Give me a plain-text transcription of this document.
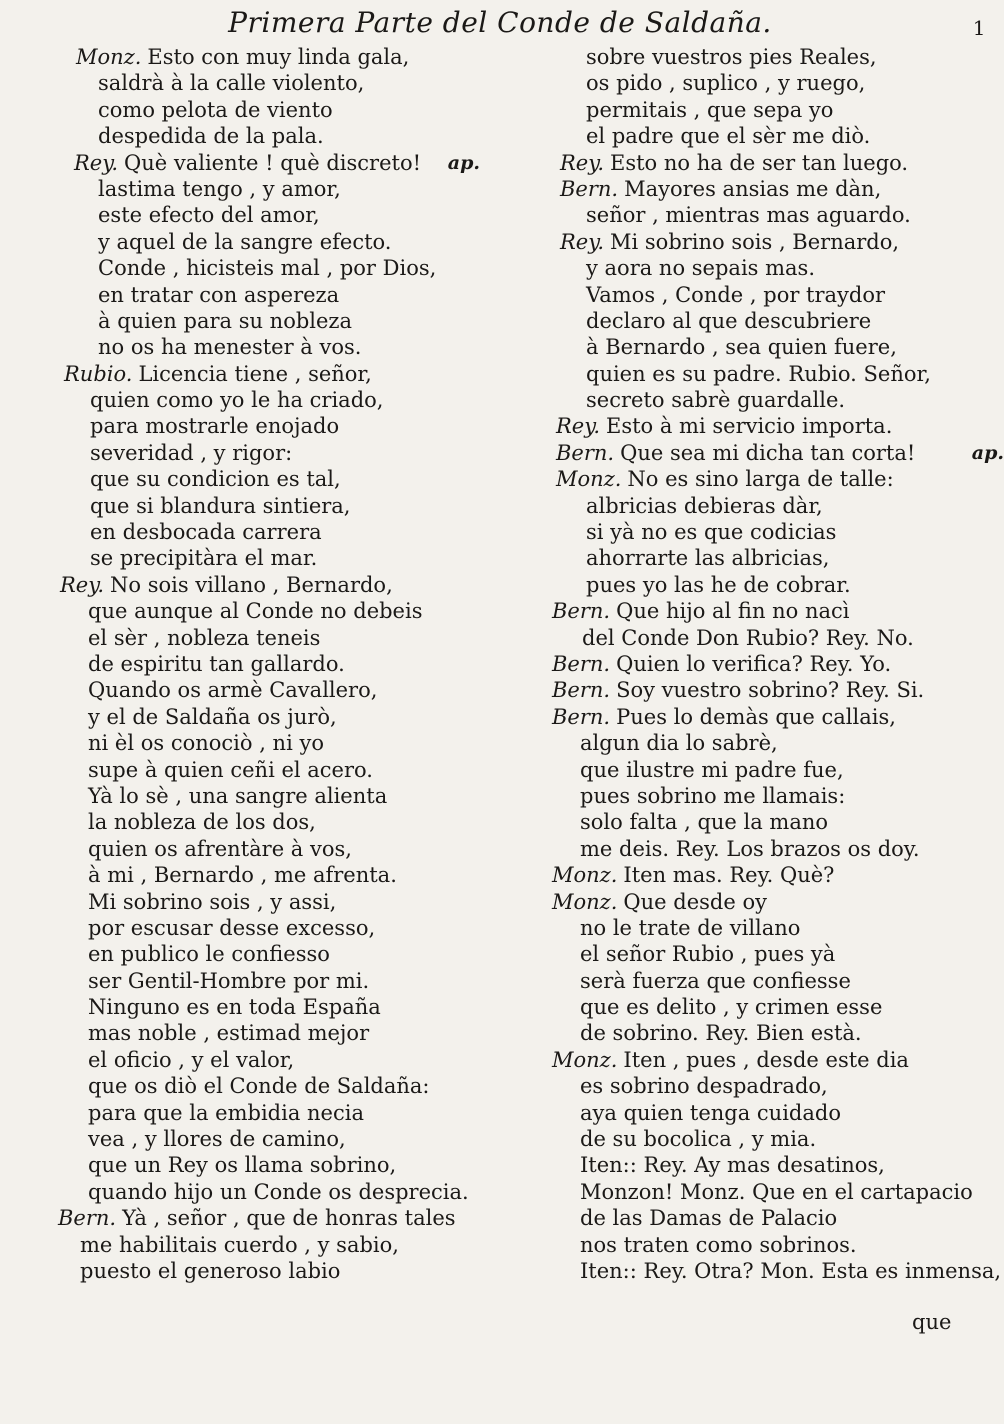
Primera Parte del Conde de Saldaña.	1
Monz. Esto con muy linda gala,
saldrà à la calle violento,
como pelota de viento
despedida de la pala.
Rey. Què valiente ! què discreto! ap.
lastima tengo , y amor,
este efecto del amor,
y aquel de la sangre efecto.
Conde , hicisteis mal , por Dios,
en tratar con aspereza
à quien para su nobleza
no os ha menester à vos.
Rubio. Licencia tiene , señor,
quien como yo le ha criado,
para mostrarle enojado
severidad , y rigor:
que su condicion es tal,
que si blandura sintiera,
en desbocada carrera
se precipitàra el mar.
Rey. No sois villano , Bernardo,
que aunque al Conde no debeis
el sèr , nobleza teneis
de espiritu tan gallardo.
Quando os armè Cavallero,
y el de Saldaña os jurò,
ni èl os conociò , ni yo
supe à quien ceñi el acero.
Yà lo sè , una sangre alienta
la nobleza de los dos,
quien os afrentàre à vos,
à mi , Bernardo , me afrenta.
Mi sobrino sois , y assi,
por escusar desse excesso,
en publico le confiesso
ser Gentil-Hombre por mi.
Ninguno es en toda España
mas noble , estimad mejor
el oficio , y el valor,
que os diò el Conde de Saldaña:
para que la embidia necia
vea , y llores de camino,
que un Rey os llama sobrino,
quando hijo un Conde os desprecia.
Bern. Yà , señor , que de honras tales
me habilitais cuerdo , y sabio,
puesto el generoso labio
sobre vuestros pies Reales,
os pido , suplico , y ruego,
permitais , que sepa yo
el padre que el sèr me diò.
Rey. Esto no ha de ser tan luego.
Bern. Mayores ansias me dàn,
señor , mientras mas aguardo.
Rey. Mi sobrino sois , Bernardo,
y aora no sepais mas.
Vamos , Conde , por traydor
declaro al que descubriere
à Bernardo , sea quien fuere,
quien es su padre. Rubio. Señor,
secreto sabrè guardalle.
Rey. Esto à mi servicio importa.
Bern. Que sea mi dicha tan corta!	ap.
Monz. No es sino larga de talle:
albricias debieras dàr,
si yà no es que codicias
ahorrarte las albricias,
pues yo las he de cobrar.
Bern. Que hijo al fin no nacì
del Conde Don Rubio? Rey. No.
Bern. Quien lo verifica? Rey. Yo.
Bern. Soy vuestro sobrino? Rey. Si.
Bern. Pues lo demàs que callais,
algun dia lo sabrè,
que ilustre mi padre fue,
pues sobrino me llamais:
solo falta , que la mano
me deis. Rey. Los brazos os doy.
Monz. Iten mas. Rey. Què?
Monz. Que desde oy
no le trate de villano
el señor Rubio , pues yà
serà fuerza que confiesse
que es delito , y crimen esse
de sobrino. Rey. Bien està.
Monz. Iten , pues , desde este dia
es sobrino despadrado,
aya quien tenga cuidado
de su bocolica , y mia.
Iten:: Rey. Ay mas desatinos,
Monzon! Monz. Que en el cartapacio
de las Damas de Palacio
nos traten como sobrinos.
Iten:: Rey. Otra? Mon. Esta es inmensa,
que
